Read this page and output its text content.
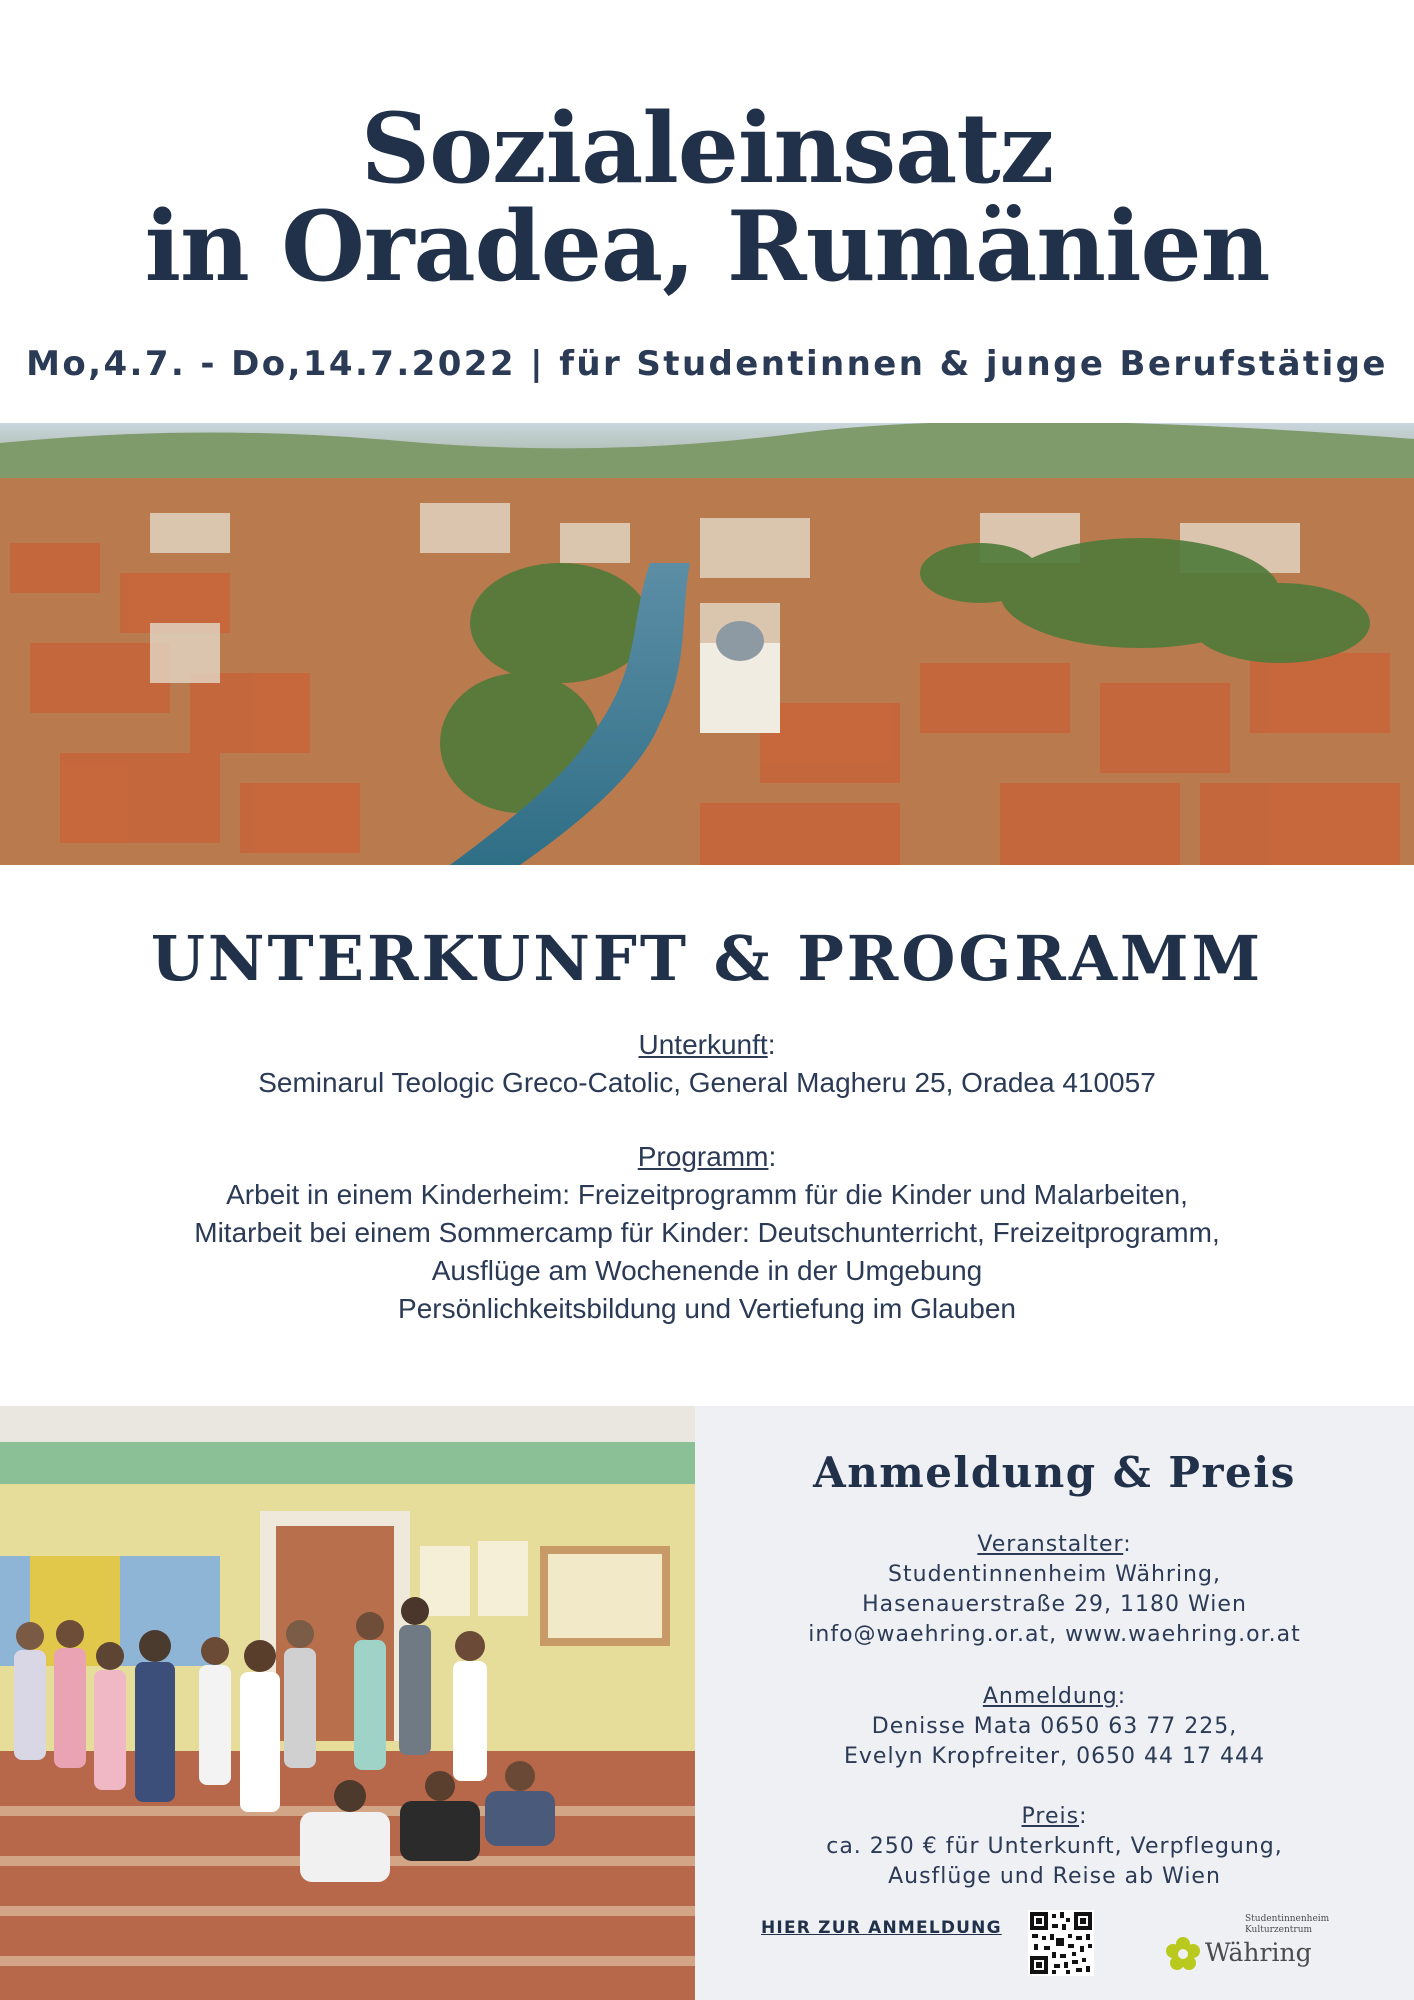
Sozialeinsatz
in Oradea, Rumänien
Mo,4.7. - Do,14.7.2022 | für Studentinnen & junge Berufstätige
UNTERKUNFT & PROGRAMM
Unterkunft:
Seminarul Teologic Greco-Catolic, General Magheru 25, Oradea 410057
Programm:
Arbeit in einem Kinderheim: Freizeitprogramm für die Kinder und Malarbeiten,
Mitarbeit bei einem Sommercamp für Kinder: Deutschunterricht, Freizeitprogramm,
Ausflüge am Wochenende in der Umgebung
Persönlichkeitsbildung und Vertiefung im Glauben
Anmeldung & Preis
Veranstalter:
Studentinnenheim Währing,
Hasenauerstraße 29, 1180 Wien
info@waehring.or.at, www.waehring.or.at
Anmeldung:
Denisse Mata 0650 63 77 225,
Evelyn Kropfreiter, 0650 44 17 444
Preis:
ca. 250 € für Unterkunft, Verpflegung,
Ausflüge und Reise ab Wien
HIER ZUR ANMELDUNG	Studentinnenheim
Kulturzentrum
Währing
